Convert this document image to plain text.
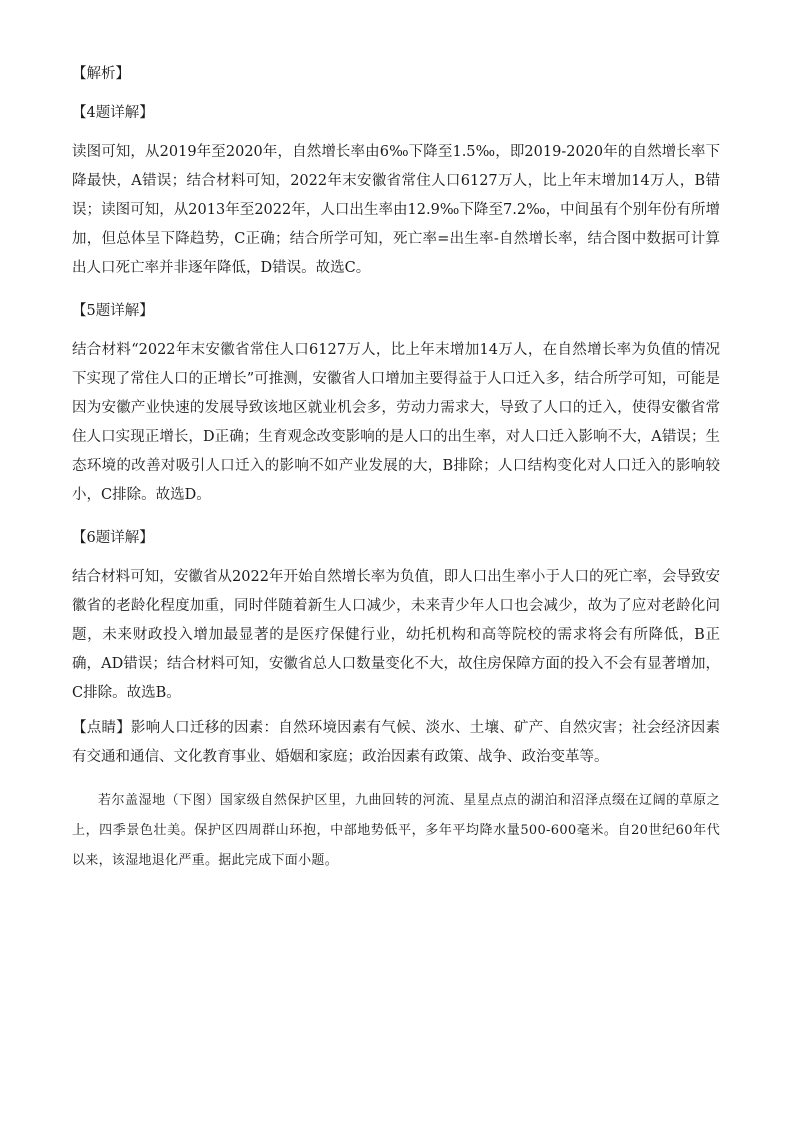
【解析】

【4题详解】

读图可知，从2019年至2020年，自然增长率由6‰下降至1.5‰，即2019-2020年的自然增长率下降最快，A错误；结合材料可知，2022年末安徽省常住人口6127万人，比上年末增加14万人，B错误；读图可知，从2013年至2022年，人口出生率由12.9‰下降至7.2‰，中间虽有个别年份有所增加，但总体呈下降趋势，C正确；结合所学可知，死亡率=出生率-自然增长率，结合图中数据可计算出人口死亡率并非逐年降低，D错误。故选C。

【5题详解】

结合材料“2022年末安徽省常住人口6127万人，比上年末增加14万人，在自然增长率为负值的情况下实现了常住人口的正增长”可推测，安徽省人口增加主要得益于人口迁入多，结合所学可知，可能是因为安徽产业快速的发展导致该地区就业机会多，劳动力需求大，导致了人口的迁入，使得安徽省常住人口实现正增长，D正确；生育观念改变影响的是人口的出生率，对人口迁入影响不大，A错误；生态环境的改善对吸引人口迁入的影响不如产业发展的大，B排除；人口结构变化对人口迁入的影响较小，C排除。故选D。

【6题详解】

结合材料可知，安徽省从2022年开始自然增长率为负值，即人口出生率小于人口的死亡率，会导致安徽省的老龄化程度加重，同时伴随着新生人口减少，未来青少年人口也会减少，故为了应对老龄化问题，未来财政投入增加最显著的是医疗保健行业，幼托机构和高等院校的需求将会有所降低，B正确，AD错误；结合材料可知，安徽省总人口数量变化不大，故住房保障方面的投入不会有显著增加，C排除。故选B。

【点睛】影响人口迁移的因素：自然环境因素有气候、淡水、土壤、矿产、自然灾害；社会经济因素有交通和通信、文化教育事业、婚姻和家庭；政治因素有政策、战争、政治变革等。

若尔盖湿地（下图）国家级自然保护区里，九曲回转的河流、星星点点的湖泊和沼泽点缀在辽阔的草原之上，四季景色壮美。保护区四周群山环抱，中部地势低平，多年平均降水量500-600毫米。自20世纪60年代以来，该湿地退化严重。据此完成下面小题。
